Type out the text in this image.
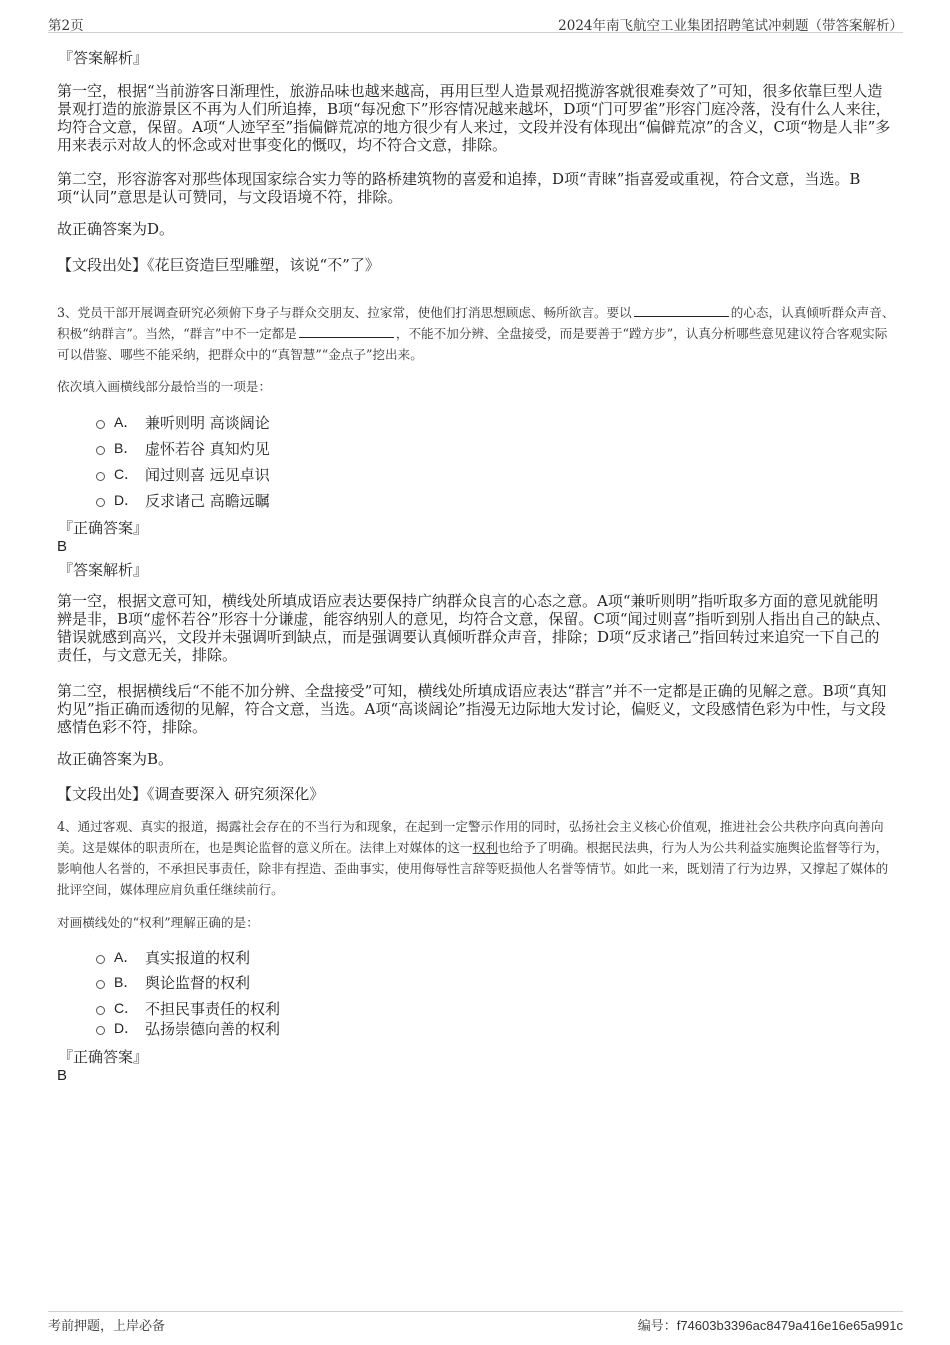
第2页	2024年南飞航空工业集团招聘笔试冲刺题（带答案解析）
『答案解析』
第一空，根据“当前游客日渐理性，旅游品味也越来越高，再用巨型人造景观招揽游客就很难奏效了”可知，很多依靠巨型人造景观打造的旅游景区不再为人们所追捧，B项“每况愈下”形容情况越来越坏，D项“门可罗雀”形容门庭冷落，没有什么人来往，均符合文意，保留。A项“人迹罕至”指偏僻荒凉的地方很少有人来过，文段并没有体现出“偏僻荒凉”的含义，C项“物是人非”多用来表示对故人的怀念或对世事变化的慨叹，均不符合文意，排除。
第二空，形容游客对那些体现国家综合实力等的路桥建筑物的喜爱和追捧，D项“青睐”指喜爱或重视，符合文意，当选。B项“认同”意思是认可赞同，与文段语境不符，排除。
故正确答案为D。
【文段出处】《花巨资造巨型雕塑，该说“不”了》
3、党员干部开展调查研究必须俯下身子与群众交朋友、拉家常，使他们打消思想顾虑、畅所欲言。要以	的心态，认真倾听群众声音、积极“纳群言”。当然，“群言”中不一定都是	，不能不加分辨、全盘接受，而是要善于“蹚方步”，认真分析哪些意见建议符合客观实际可以借鉴、哪些不能采纳，把群众中的“真智慧”“金点子”挖出来。
依次填入画横线部分最恰当的一项是：
A． 兼听则明 高谈阔论
B． 虚怀若谷 真知灼见
C． 闻过则喜 远见卓识
D． 反求诸己 高瞻远瞩
『正确答案』
B
『答案解析』
第一空，根据文意可知，横线处所填成语应表达要保持广纳群众良言的心态之意。A项“兼听则明”指听取多方面的意见就能明辨是非，B项“虚怀若谷”形容十分谦虚，能容纳别人的意见，均符合文意，保留。C项“闻过则喜”指听到别人指出自己的缺点、错误就感到高兴，文段并未强调听到缺点，而是强调要认真倾听群众声音，排除；D项“反求诸己”指回转过来追究一下自己的责任，与文意无关，排除。
第二空，根据横线后“不能不加分辨、全盘接受”可知，横线处所填成语应表达“群言”并不一定都是正确的见解之意。B项“真知灼见”指正确而透彻的见解，符合文意，当选。A项“高谈阔论”指漫无边际地大发讨论，偏贬义，文段感情色彩为中性，与文段感情色彩不符，排除。
故正确答案为B。
【文段出处】《调查要深入 研究须深化》
4、通过客观、真实的报道，揭露社会存在的不当行为和现象，在起到一定警示作用的同时，弘扬社会主义核心价值观，推进社会公共秩序向真向善向美。这是媒体的职责所在，也是舆论监督的意义所在。法律上对媒体的这一权利也给予了明确。根据民法典，行为人为公共利益实施舆论监督等行为，影响他人名誉的，不承担民事责任，除非有捏造、歪曲事实，使用侮辱性言辞等贬损他人名誉等情节。如此一来，既划清了行为边界，又撑起了媒体的批评空间，媒体理应肩负重任继续前行。
对画横线处的“权利”理解正确的是：
A． 真实报道的权利
B． 舆论监督的权利
C． 不担民事责任的权利
D． 弘扬崇德向善的权利
『正确答案』
B
考前押题，上岸必备	编号：f74603b3396ac8479a416e16e65a991c
